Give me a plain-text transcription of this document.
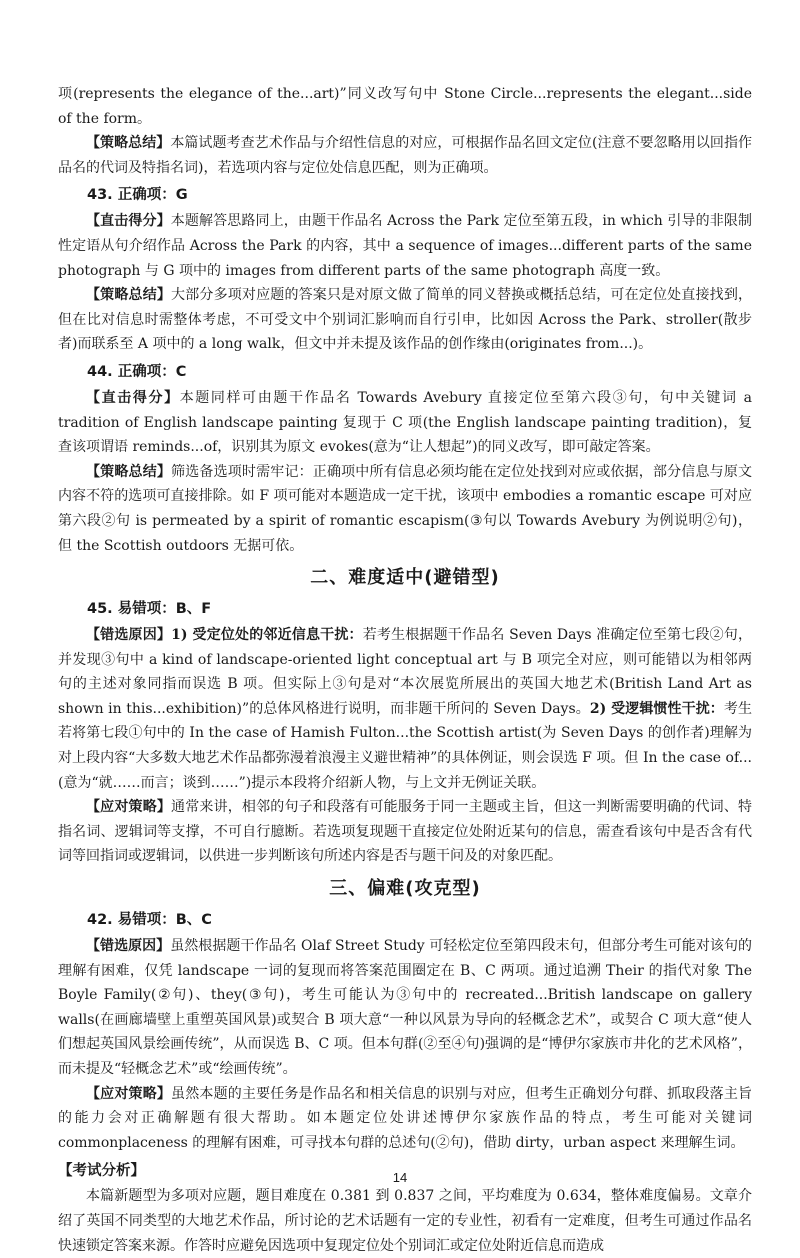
项(represents the elegance of the...art)”同义改写句中 Stone Circle...represents the elegant...side of the form。

【策略总结】本篇试题考查艺术作品与介绍性信息的对应，可根据作品名回文定位(注意不要忽略用以回指作品名的代词及特指名词)，若选项内容与定位处信息匹配，则为正确项。

43. 正确项：G

【直击得分】本题解答思路同上，由题干作品名 Across the Park 定位至第五段，in which 引导的非限制性定语从句介绍作品 Across the Park 的内容，其中 a sequence of images...different parts of the same photograph 与 G 项中的 images from different parts of the same photograph 高度一致。

【策略总结】大部分多项对应题的答案只是对原文做了简单的同义替换或概括总结，可在定位处直接找到，但在比对信息时需整体考虑，不可受文中个别词汇影响而自行引申，比如因 Across the Park、stroller(散步者)而联系至 A 项中的 a long walk，但文中并未提及该作品的创作缘由(originates from...)。

44. 正确项：C

【直击得分】本题同样可由题干作品名 Towards Avebury 直接定位至第六段③句，句中关键词 a tradition of English landscape painting 复现于 C 项(the English landscape painting tradition)，复查该项谓语 reminds...of，识别其为原文 evokes(意为“让人想起”)的同义改写，即可敲定答案。

【策略总结】筛选备选项时需牢记：正确项中所有信息必须均能在定位处找到对应或依据，部分信息与原文内容不符的选项可直接排除。如 F 项可能对本题造成一定干扰，该项中 embodies a romantic escape 可对应第六段②句 is permeated by a spirit of romantic escapism(③句以 Towards Avebury 为例说明②句)，但 the Scottish outdoors 无据可依。

二、难度适中(避错型)

45. 易错项：B、F

【错选原因】1) 受定位处的邻近信息干扰：若考生根据题干作品名 Seven Days 准确定位至第七段②句，并发现③句中 a kind of landscape-oriented light conceptual art 与 B 项完全对应，则可能错以为相邻两句的主述对象同指而误选 B 项。但实际上③句是对“本次展览所展出的英国大地艺术(British Land Art as shown in this...exhibition)”的总体风格进行说明，而非题干所问的 Seven Days。2) 受逻辑惯性干扰：考生若将第七段①句中的 In the case of Hamish Fulton...the Scottish artist(为 Seven Days 的创作者)理解为对上段内容“大多数大地艺术作品都弥漫着浪漫主义避世精神”的具体例证，则会误选 F 项。但 In the case of...(意为“就……而言；谈到……”)提示本段将介绍新人物，与上文并无例证关联。

【应对策略】通常来讲，相邻的句子和段落有可能服务于同一主题或主旨，但这一判断需要明确的代词、特指名词、逻辑词等支撑，不可自行臆断。若选项复现题干直接定位处附近某句的信息，需查看该句中是否含有代词等回指词或逻辑词，以供进一步判断该句所述内容是否与题干问及的对象匹配。

三、偏难(攻克型)

42. 易错项：B、C

【错选原因】虽然根据题干作品名 Olaf Street Study 可轻松定位至第四段末句，但部分考生可能对该句的理解有困难，仅凭 landscape 一词的复现而将答案范围圈定在 B、C 两项。通过追溯 Their 的指代对象 The Boyle Family(②句)、they(③句)，考生可能认为③句中的 recreated...British landscape on gallery walls(在画廊墙壁上重塑英国风景)或契合 B 项大意“一种以风景为导向的轻概念艺术”，或契合 C 项大意“使人们想起英国风景绘画传统”，从而误选 B、C 项。但本句群(②至④句)强调的是“博伊尔家族市井化的艺术风格”，而未提及“轻概念艺术”或“绘画传统”。

【应对策略】虽然本题的主要任务是作品名和相关信息的识别与对应，但考生正确划分句群、抓取段落主旨的能力会对正确解题有很大帮助。如本题定位处讲述博伊尔家族作品的特点，考生可能对关键词 commonplaceness 的理解有困难，可寻找本句群的总述句(②句)，借助 dirty，urban aspect 来理解生词。

【考试分析】

本篇新题型为多项对应题，题目难度在 0.381 到 0.837 之间，平均难度为 0.634，整体难度偏易。文章介绍了英国不同类型的大地艺术作品，所讨论的艺术话题有一定的专业性，初看有一定难度，但考生可通过作品名快速锁定答案来源。作答时应避免因选项中复现定位处个别词汇或定位处附近信息而造成

14
